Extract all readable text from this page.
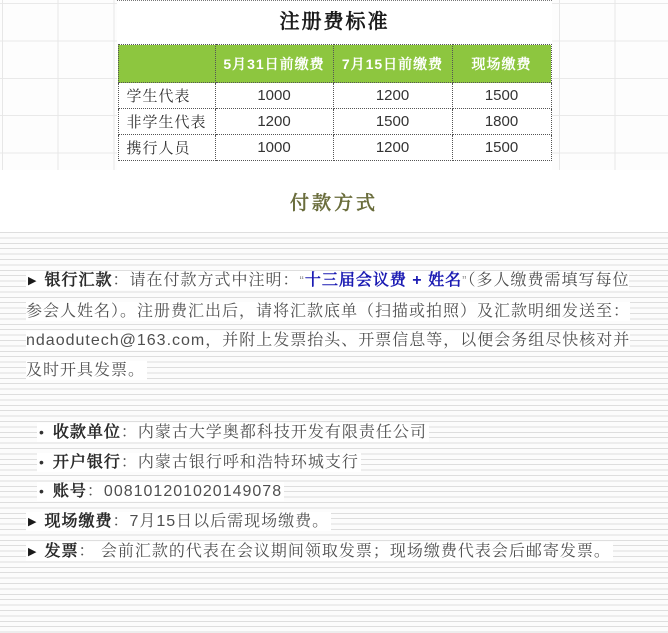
注册费标准
	5月31日前缴费	7月15日前缴费	现场缴费
学生代表	1000	1200	1500
非学生代表	1200	1500	1800
携行人员	1000	1200	1500
付款方式

▶ 银行汇款：请在付款方式中注明：“十三届会议费 + 姓名”（多人缴费需填写每位参会人姓名）。注册费汇出后，请将汇款底单（扫描或拍照）及汇款明细发送至：ndaodutech@163.com，并附上发票抬头、开票信息等，以便会务组尽快核对并及时开具发票。

• 收款单位：内蒙古大学奥都科技开发有限责任公司

• 开户银行：内蒙古银行呼和浩特环城支行

• 账号：008101201020149078

▶ 现场缴费：7月15日以后需现场缴费。

▶ 发票： 会前汇款的代表在会议期间领取发票；现场缴费代表会后邮寄发票。
